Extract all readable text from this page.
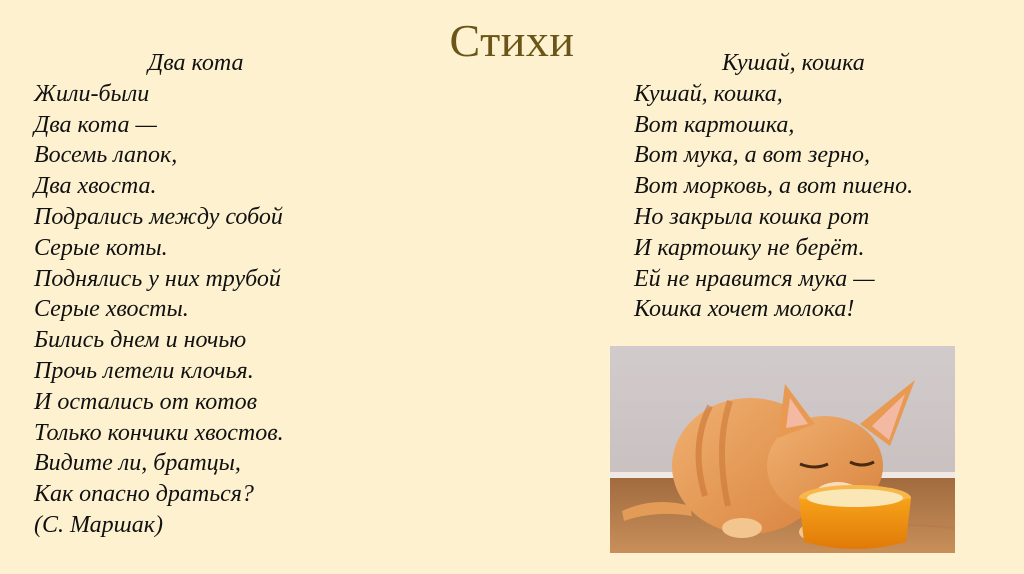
Стихи
Два кота
Жили-были
Два кота —
Восемь лапок,
Два хвоста.
Подрались между собой
Серые коты.
Поднялись у них трубой
Серые хвосты.
Бились днем и ночью
Прочь летели клочья.
И остались от котов
Только кончики хвостов.
Видите ли, братцы,
Как опасно драться?
(С. Маршак)
Кушай, кошка
Кушай, кошка,
Вот картошка,
Вот мука, а вот зерно,
Вот морковь, а вот пшено.
Но закрыла кошка рот
И картошку не берёт.
Ей не нравится мука —
Кошка хочет молока!
